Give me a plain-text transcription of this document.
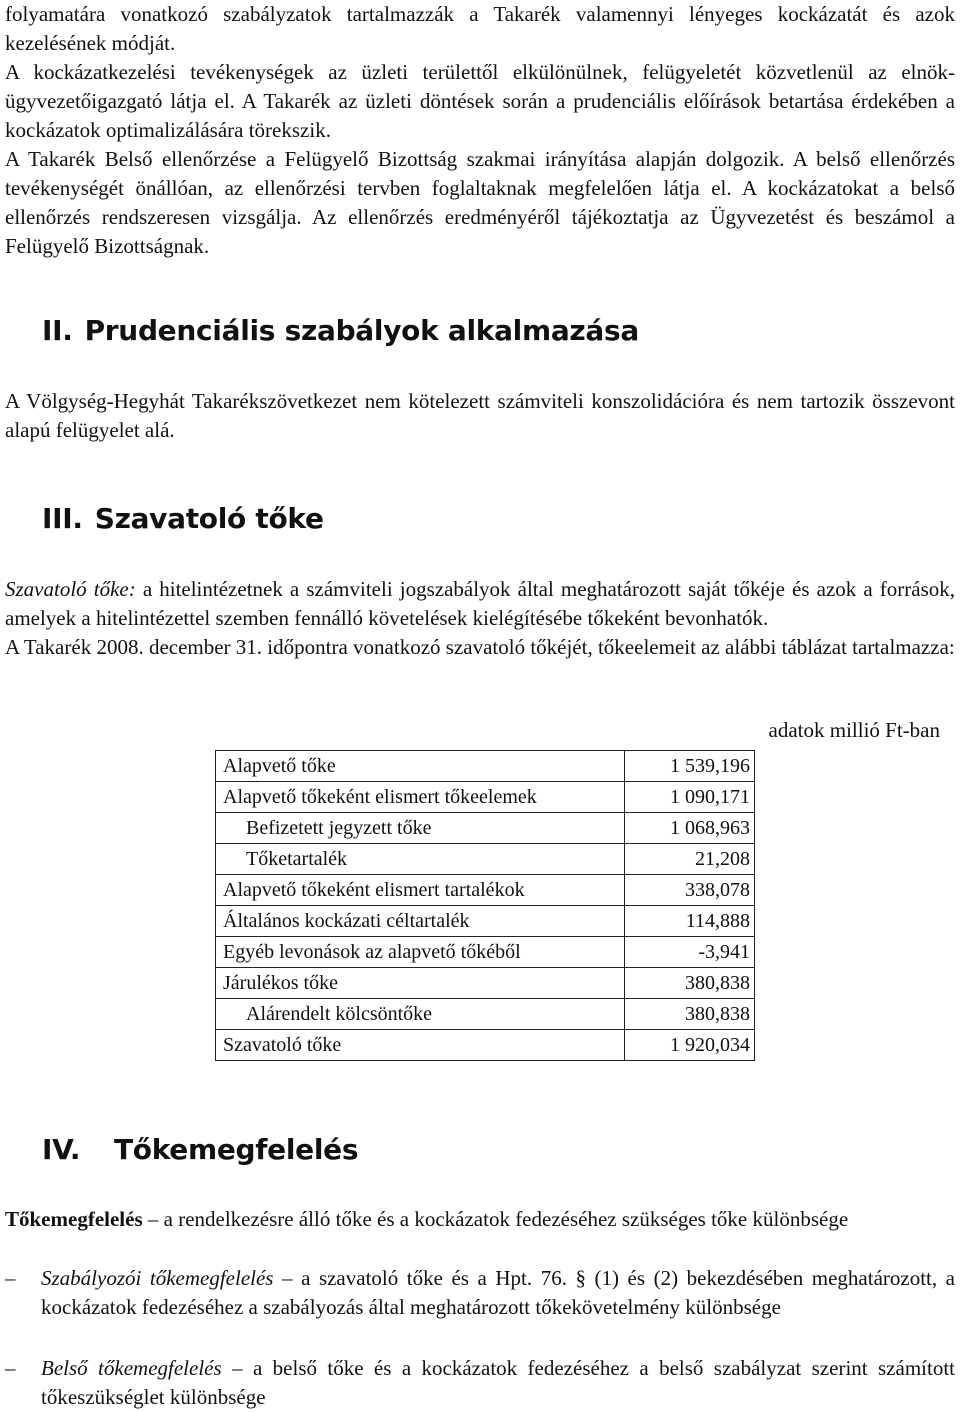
folyamatára vonatkozó szabályzatok tartalmazzák a Takarék valamennyi lényeges kockázatát és azok kezelésének módját.

A kockázatkezelési tevékenységek az üzleti területtől elkülönülnek, felügyeletét közvetlenül az elnök-ügyvezetőigazgató látja el. A Takarék az üzleti döntések során a prudenciális előírások betartása érdekében a kockázatok optimalizálására törekszik.

A Takarék Belső ellenőrzése a Felügyelő Bizottság szakmai irányítása alapján dolgozik. A belső ellenőrzés tevékenységét önállóan, az ellenőrzési tervben foglaltaknak megfelelően látja el. A kockázatokat a belső ellenőrzés rendszeresen vizsgálja. Az ellenőrzés eredményéről tájékoztatja az Ügyvezetést és beszámol a Felügyelő Bizottságnak.

II. Prudenciális szabályok alkalmazása

A Völgység-Hegyhát Takarékszövetkezet nem kötelezett számviteli konszolidációra és nem tartozik összevont alapú felügyelet alá.

III. Szavatoló tőke

Szavatoló tőke: a hitelintézetnek a számviteli jogszabályok által meghatározott saját tőkéje és azok a források, amelyek a hitelintézettel szemben fennálló követelések kielégítésébe tőkeként bevonhatók.

A Takarék 2008. december 31. időpontra vonatkozó szavatoló tőkéjét, tőkeelemeit az alábbi táblázat tartalmazza:

adatok millió Ft-ban
Alapvető tőke	1 539,196
Alapvető tőkeként elismert tőkeelemek	1 090,171
Befizetett jegyzett tőke	1 068,963
Tőketartalék	21,208
Alapvető tőkeként elismert tartalékok	338,078
Általános kockázati céltartalék	114,888
Egyéb levonások az alapvető tőkéből	-3,941
Járulékos tőke	380,838
Alárendelt kölcsöntőke	380,838
Szavatoló tőke	1 920,034
IV. Tőkemegfelelés

Tőkemegfelelés – a rendelkezésre álló tőke és a kockázatok fedezéséhez szükséges tőke különbsége

– Szabályozói tőkemegfelelés – a szavatoló tőke és a Hpt. 76. § (1) és (2) bekezdésében meghatározott, a kockázatok fedezéséhez a szabályozás által meghatározott tőkekövetelmény különbsége

– Belső tőkemegfelelés – a belső tőke és a kockázatok fedezéséhez a belső szabályzat szerint számított tőkeszükséglet különbsége
